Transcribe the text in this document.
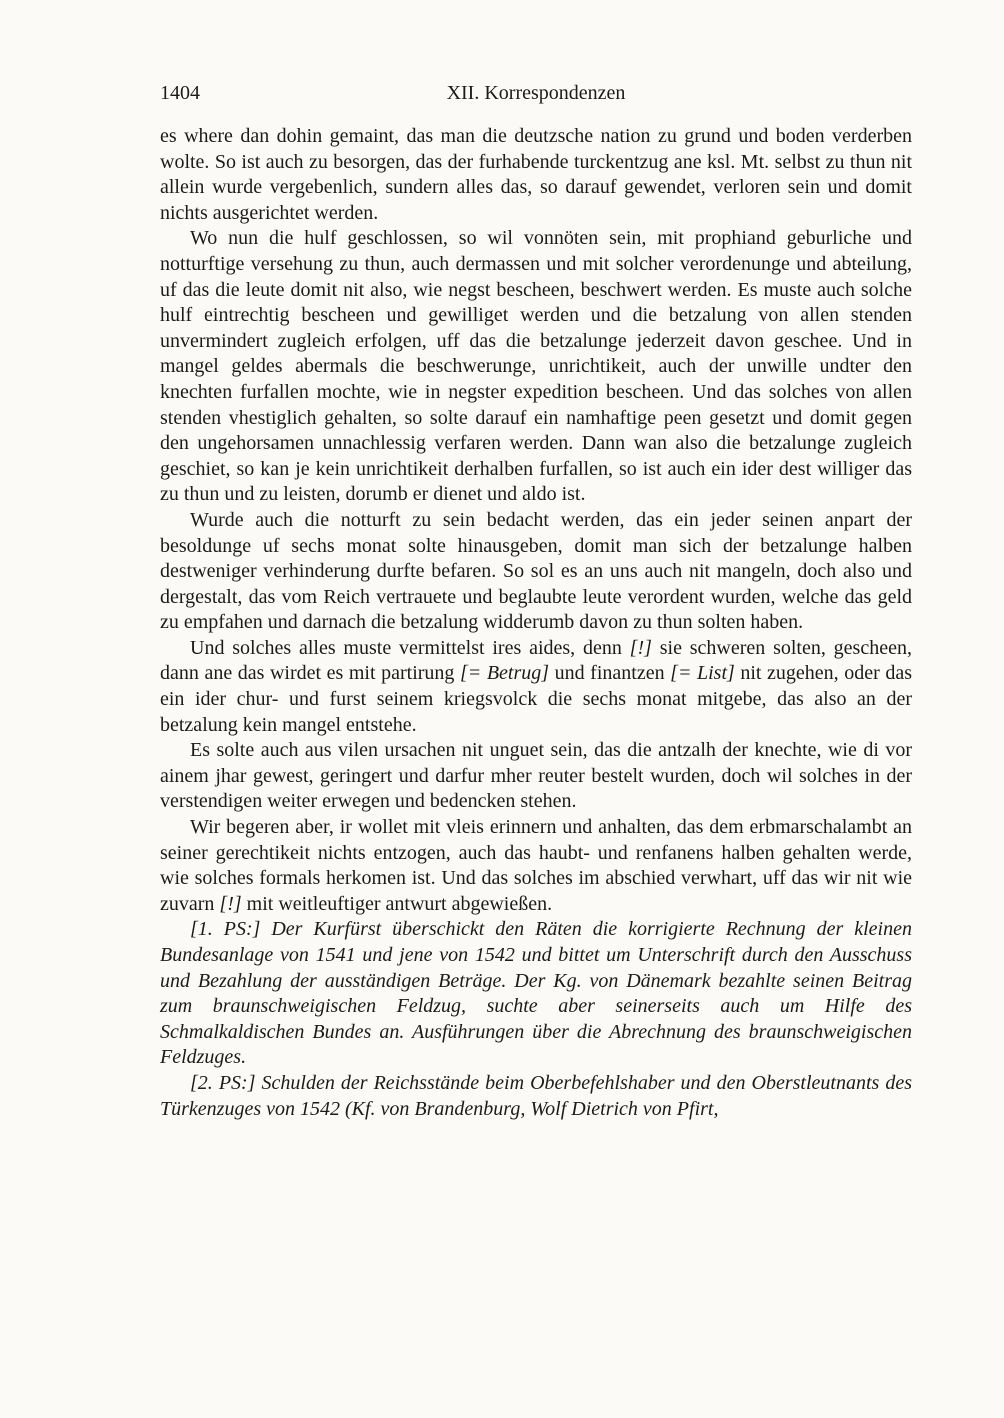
1404	XII. Korrespondenzen

es where dan dohin gemaint, das man die deutzsche nation zu grund und boden verderben wolte. So ist auch zu besorgen, das der furhabende turckentzug ane ksl. Mt. selbst zu thun nit allein wurde vergebenlich, sundern alles das, so darauf gewendet, verloren sein und domit nichts ausgerichtet werden.

Wo nun die hulf geschlossen, so wil vonnöten sein, mit prophiand geburliche und notturftige versehung zu thun, auch dermassen und mit solcher verordenunge und abteilung, uf das die leute domit nit also, wie negst bescheen, beschwert werden. Es muste auch solche hulf eintrechtig bescheen und gewilliget werden und die betzalung von allen stenden unvermindert zugleich erfolgen, uff das die betzalunge jederzeit davon geschee. Und in mangel geldes abermals die beschwerunge, unrichtikeit, auch der unwille undter den knechten furfallen mochte, wie in negster expedition bescheen. Und das solches von allen stenden vhestiglich gehalten, so solte darauf ein namhaftige peen gesetzt und domit gegen den ungehorsamen unnachlessig verfaren werden. Dann wan also die betzalunge zugleich geschiet, so kan je kein unrichtikeit derhalben furfallen, so ist auch ein ider dest williger das zu thun und zu leisten, dorumb er dienet und aldo ist.

Wurde auch die notturft zu sein bedacht werden, das ein jeder seinen anpart der besoldunge uf sechs monat solte hinausgeben, domit man sich der betzalunge halben destweniger verhinderung durfte befaren. So sol es an uns auch nit mangeln, doch also und dergestalt, das vom Reich vertrauete und beglaubte leute verordent wurden, welche das geld zu empfahen und darnach die betzalung widderumb davon zu thun solten haben.

Und solches alles muste vermittelst ires aides, denn [!] sie schweren solten, gescheen, dann ane das wirdet es mit partirung [= Betrug] und finantzen [= List] nit zugehen, oder das ein ider chur- und furst seinem kriegsvolck die sechs monat mitgebe, das also an der betzalung kein mangel entstehe.

Es solte auch aus vilen ursachen nit unguet sein, das die antzalh der knechte, wie di vor ainem jhar gewest, geringert und darfur mher reuter bestelt wurden, doch wil solches in der verstendigen weiter erwegen und bedencken stehen.

Wir begeren aber, ir wollet mit vleis erinnern und anhalten, das dem erbmarschalambt an seiner gerechtikeit nichts entzogen, auch das haubt- und renfanens halben gehalten werde, wie solches formals herkomen ist. Und das solches im abschied verwhart, uff das wir nit wie zuvarn [!] mit weitleuftiger antwurt abgewießen.

[1. PS:] Der Kurfürst überschickt den Räten die korrigierte Rechnung der kleinen Bundesanlage von 1541 und jene von 1542 und bittet um Unterschrift durch den Ausschuss und Bezahlung der ausständigen Beträge. Der Kg. von Dänemark bezahlte seinen Beitrag zum braunschweigischen Feldzug, suchte aber seinerseits auch um Hilfe des Schmalkaldischen Bundes an. Ausführungen über die Abrechnung des braunschweigischen Feldzuges.

[2. PS:] Schulden der Reichsstände beim Oberbefehlshaber und den Oberstleutnants des Türkenzuges von 1542 (Kf. von Brandenburg, Wolf Dietrich von Pfirt,
